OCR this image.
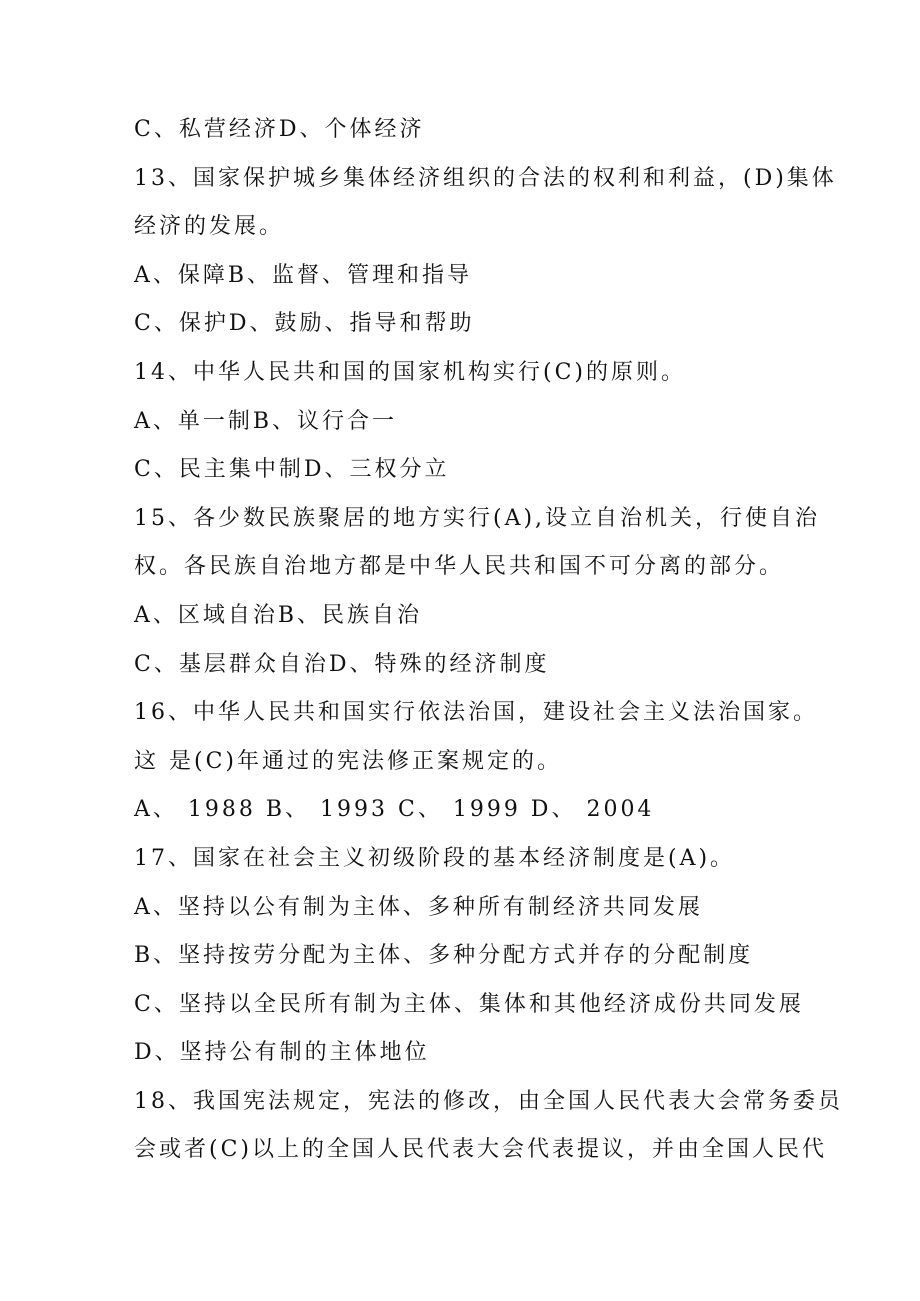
C、私营经济D、个体经济
13、国家保护城乡集体经济组织的合法的权利和利益，(D)集体
经济的发展。
A、保障B、监督、管理和指导
C、保护D、鼓励、指导和帮助
14、中华人民共和国的国家机构实行(C)的原则。
A、单一制B、议行合一
C、民主集中制D、三权分立
15、各少数民族聚居的地方实行(A),设立自治机关，行使自治
权。各民族自治地方都是中华人民共和国不可分离的部分。
A、区域自治B、民族自治
C、基层群众自治D、特殊的经济制度
16、中华人民共和国实行依法治国，建设社会主义法治国家。
这 是(C)年通过的宪法修正案规定的。
A、 1988 B、 1993 C、 1999 D、 2004
17、国家在社会主义初级阶段的基本经济制度是(A)。
A、坚持以公有制为主体、多种所有制经济共同发展
B、坚持按劳分配为主体、多种分配方式并存的分配制度
C、坚持以全民所有制为主体、集体和其他经济成份共同发展
D、坚持公有制的主体地位
18、我国宪法规定，宪法的修改，由全国人民代表大会常务委员
会或者(C)以上的全国人民代表大会代表提议，并由全国人民代
